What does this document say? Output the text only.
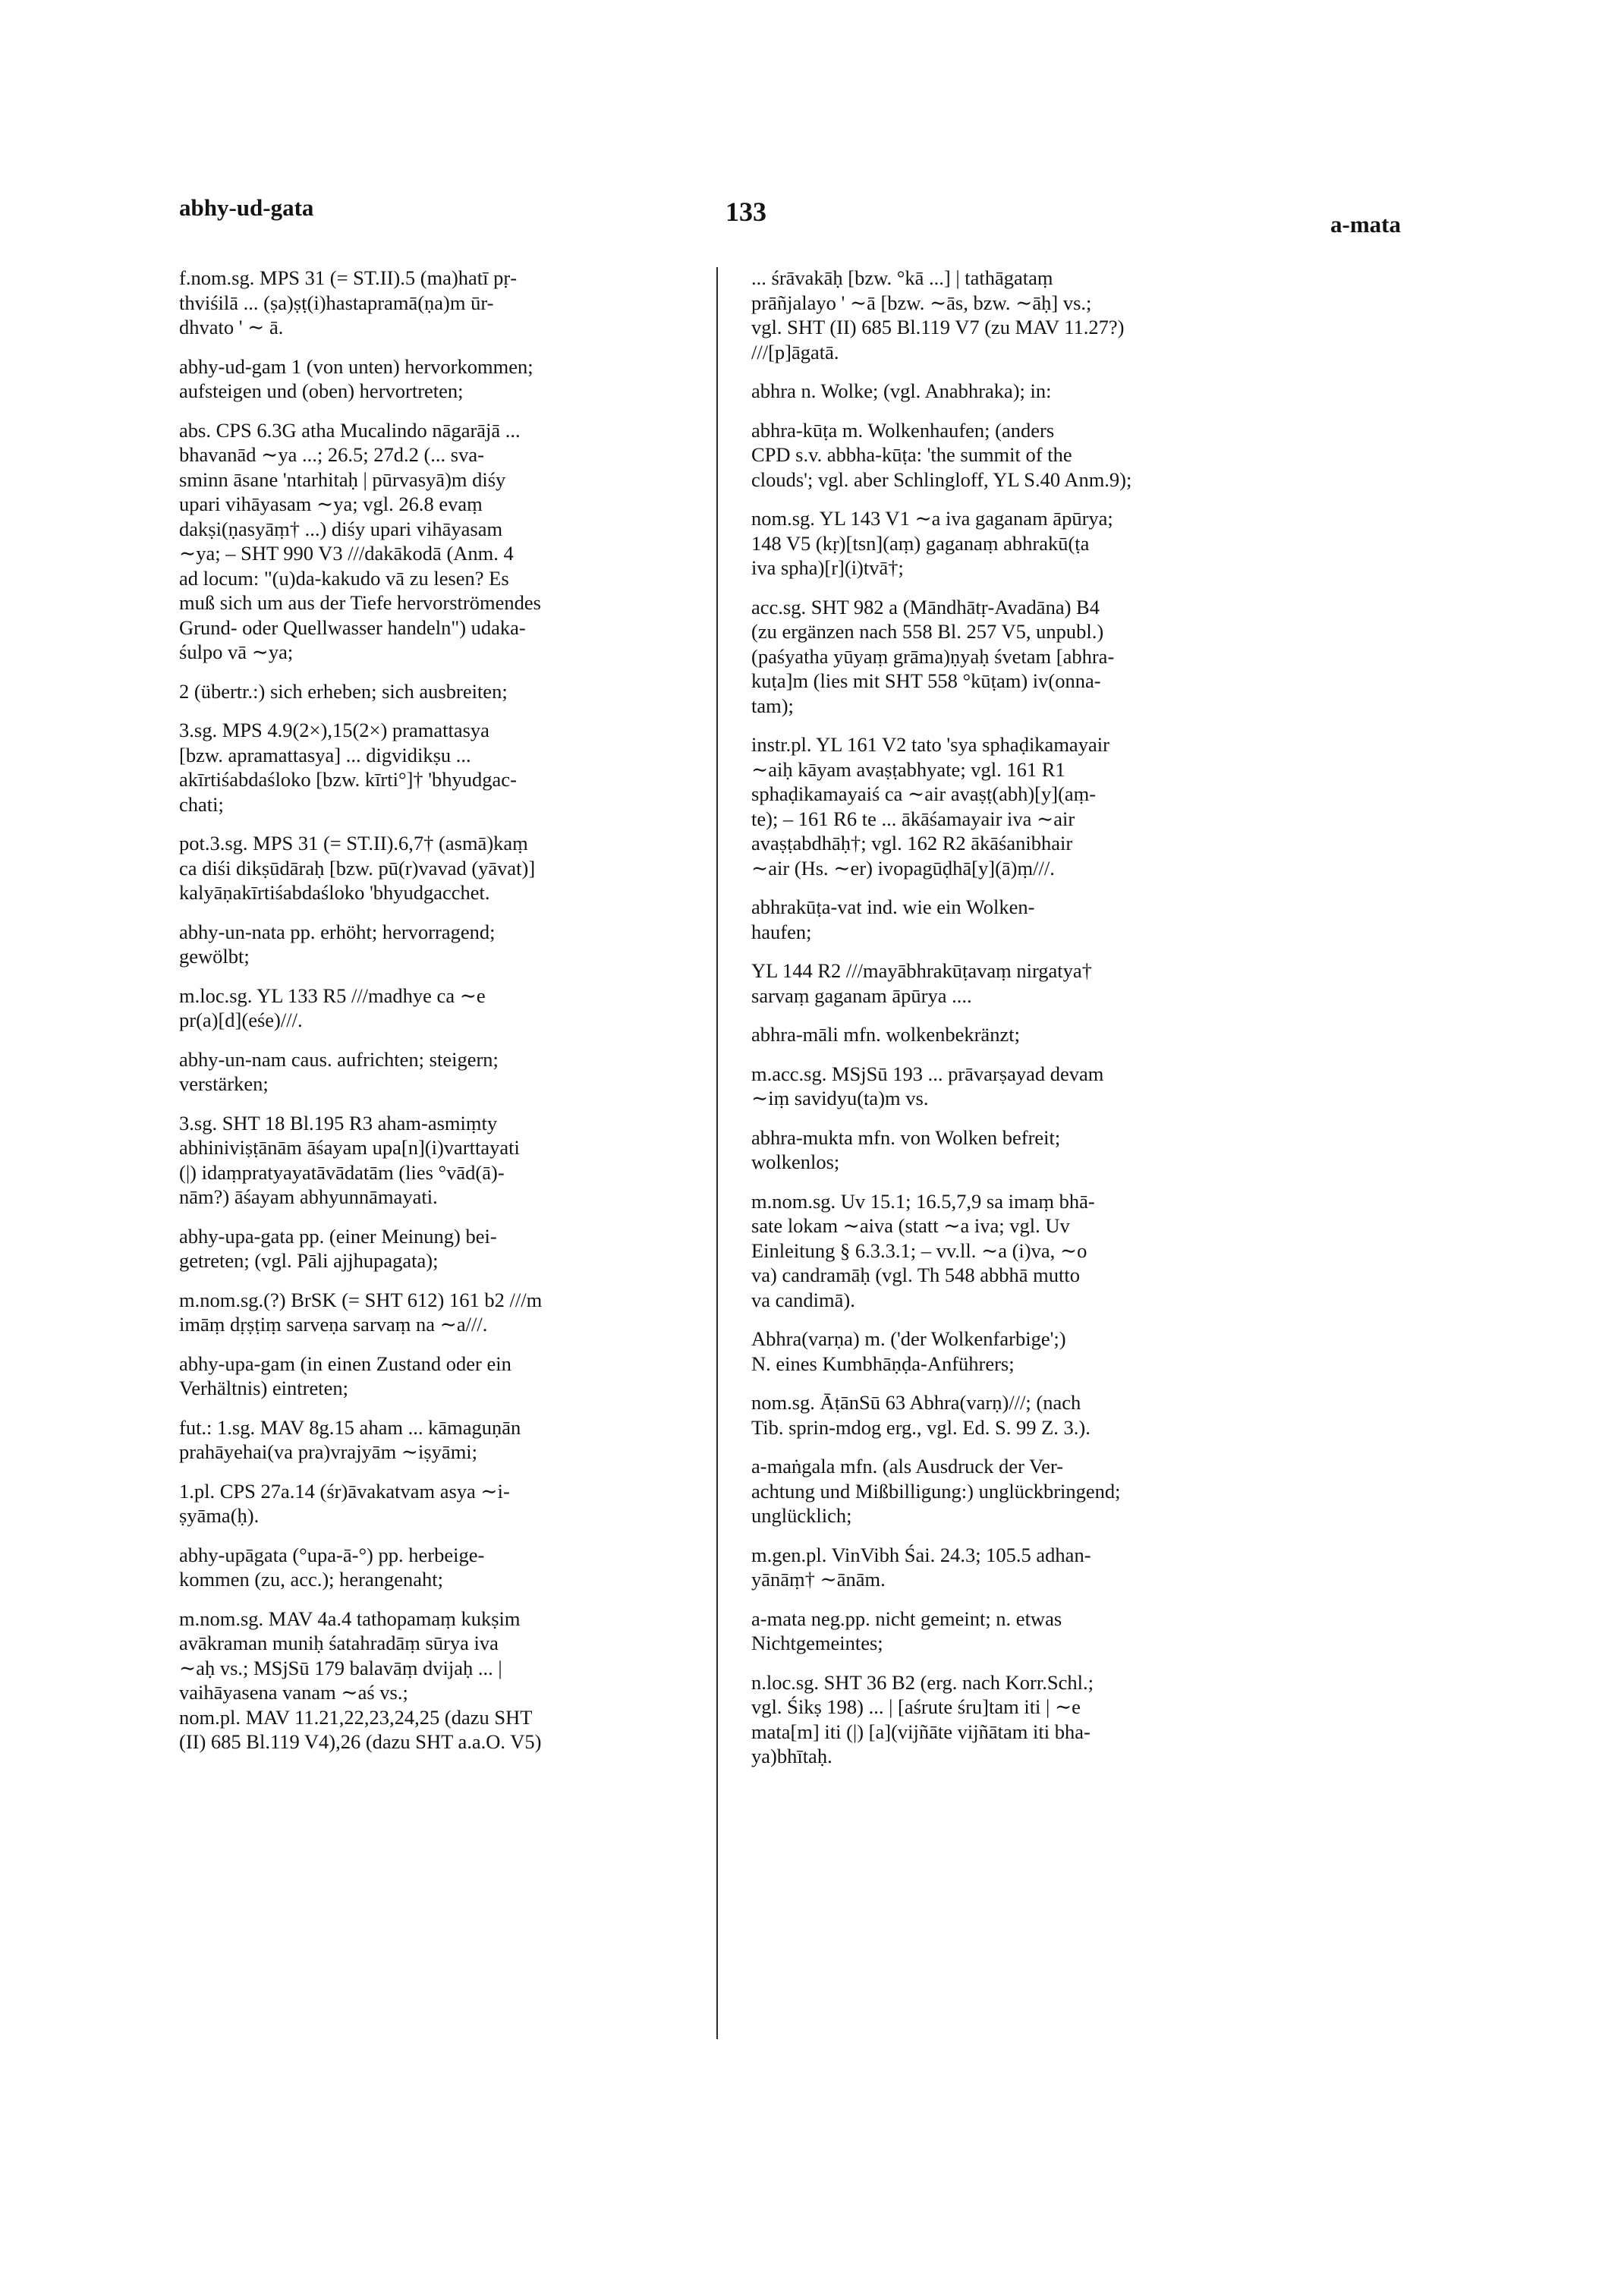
abhy-ud-gata	133	a-mata
f.nom.sg. MPS 31 (= ST.II).5 (ma)hatī pṛ-
thviśilā ... (ṣa)ṣṭ(i)hastapramā(ṇa)m ūr-
dhvato ' ∼ ā.
abhy-ud-gam 1 (von unten) hervorkommen;
aufsteigen und (oben) hervortreten;
abs. CPS 6.3G atha Mucalindo nāgarājā ...
bhavanād ∼ya ...; 26.5; 27d.2 (... sva-
sminn āsane 'ntarhitaḥ | pūrvasyā)m diśy
upari vihāyasam ∼ya; vgl. 26.8 evaṃ
dakṣi(ṇasyāṃ† ...) diśy upari vihāyasam
∼ya; – SHT 990 V3 ///dakākodā (Anm. 4
ad locum: "(u)da-kakudo vā zu lesen? Es
muß sich um aus der Tiefe hervorströmendes
Grund- oder Quellwasser handeln") udaka-
śulpo vā ∼ya;
2 (übertr.:) sich erheben; sich ausbreiten;
3.sg. MPS 4.9(2×),15(2×) pramattasya
[bzw. apramattasya] ... digvidikṣu ...
akīrtiśabdaśloko [bzw. kīrti°]† 'bhyudgac-
chati;
pot.3.sg. MPS 31 (= ST.II).6,7† (asmā)kaṃ
ca diśi dikṣūdāraḥ [bzw. pū(r)vavad (yāvat)]
kalyāṇakīrtiśabdaśloko 'bhyudgacchet.
abhy-un-nata pp. erhöht; hervorragend;
gewölbt;
m.loc.sg. YL 133 R5 ///madhye ca ∼e
pr(a)[d](eśe)///.
abhy-un-nam caus. aufrichten; steigern;
verstärken;
3.sg. SHT 18 Bl.195 R3 aham-asmiṃty
abhiniviṣṭānām āśayam upa[n](i)varttayati
(|) idaṃpratyayatāvādatām (lies °vād(ā)-
nām?) āśayam abhyunnāmayati.
abhy-upa-gata pp. (einer Meinung) bei-
getreten; (vgl. Pāli ajjhupagata);
m.nom.sg.(?) BrSK (= SHT 612) 161 b2 ///m
imāṃ dṛṣṭiṃ sarveṇa sarvaṃ na ∼a///.
abhy-upa-gam (in einen Zustand oder ein
Verhältnis) eintreten;
fut.: 1.sg. MAV 8g.15 aham ... kāmaguṇān
prahāyehai(va pra)vrajyām ∼iṣyāmi;
1.pl. CPS 27a.14 (śr)āvakatvam asya ∼i-
ṣyāma(ḥ).
abhy-upāgata (°upa-ā-°) pp. herbeige-
kommen (zu, acc.); herangenaht;
m.nom.sg. MAV 4a.4 tathopamaṃ kukṣim
avākraman muniḥ śatahradāṃ sūrya iva
∼aḥ vs.; MSjSū 179 balavāṃ dvijaḥ ... |
vaihāyasena vanam ∼aś vs.;
nom.pl. MAV 11.21,22,23,24,25 (dazu SHT
(II) 685 Bl.119 V4),26 (dazu SHT a.a.O. V5)
... śrāvakāḥ [bzw. °kā ...] | tathāgataṃ
prāñjalayo ' ∼ā [bzw. ∼ās, bzw. ∼āḥ] vs.;
vgl. SHT (II) 685 Bl.119 V7 (zu MAV 11.27?)
///[p]āgatā.
abhra n. Wolke; (vgl. Anabhraka); in:
abhra-kūṭa m. Wolkenhaufen; (anders
CPD s.v. abbha-kūṭa: 'the summit of the
clouds'; vgl. aber Schlingloff, YL S.40 Anm.9);
nom.sg. YL 143 V1 ∼a iva gaganam āpūrya;
148 V5 (kṛ)[tsn](aṃ) gaganaṃ abhrakū(ṭa
iva spha)[r](i)tvā†;
acc.sg. SHT 982 a (Māndhātṛ-Avadāna) B4
(zu ergänzen nach 558 Bl. 257 V5, unpubl.)
(paśyatha yūyaṃ grāma)ṇyaḥ śvetam [abhra-
kuṭa]m (lies mit SHT 558 °kūṭam) iv(onna-
tam);
instr.pl. YL 161 V2 tato 'sya sphaḍikamayair
∼aiḥ kāyam avaṣṭabhyate; vgl. 161 R1
sphaḍikamayaiś ca ∼air avaṣṭ(abh)[y](aṃ-
te); – 161 R6 te ... ākāśamayair iva ∼air
avaṣṭabdhāḥ†; vgl. 162 R2 ākāśanibhair
∼air (Hs. ∼er) ivopagūḍhā[y](ā)ṃ///.
abhrakūṭa-vat ind. wie ein Wolken-
haufen;
YL 144 R2 ///mayābhrakūṭavaṃ nirgatya†
sarvaṃ gaganam āpūrya ....
abhra-māli mfn. wolkenbekränzt;
m.acc.sg. MSjSū 193 ... prāvarṣayad devam
∼iṃ savidyu(ta)m vs.
abhra-mukta mfn. von Wolken befreit;
wolkenlos;
m.nom.sg. Uv 15.1; 16.5,7,9 sa imaṃ bhā-
sate lokam ∼aiva (statt ∼a iva; vgl. Uv
Einleitung § 6.3.3.1; – vv.ll. ∼a (i)va, ∼o
va) candramāḥ (vgl. Th 548 abbhā mutto
va candimā).
Abhra(varṇa) m. ('der Wolkenfarbige';)
N. eines Kumbhāṇḍa-Anführers;
nom.sg. ĀṭānSū 63 Abhra(varṇ)///; (nach
Tib. sprin-mdog erg., vgl. Ed. S. 99 Z. 3.).
a-maṅgala mfn. (als Ausdruck der Ver-
achtung und Mißbilligung:) unglückbringend;
unglücklich;
m.gen.pl. VinVibh Śai. 24.3; 105.5 adhan-
yānāṃ† ∼ānām.
a-mata neg.pp. nicht gemeint; n. etwas
Nichtgemeintes;
n.loc.sg. SHT 36 B2 (erg. nach Korr.Schl.;
vgl. Śikṣ 198) ... | [aśrute śru]tam iti | ∼e
mata[m] iti (|) [a](vijñāte vijñātam iti bha-
ya)bhītaḥ.
